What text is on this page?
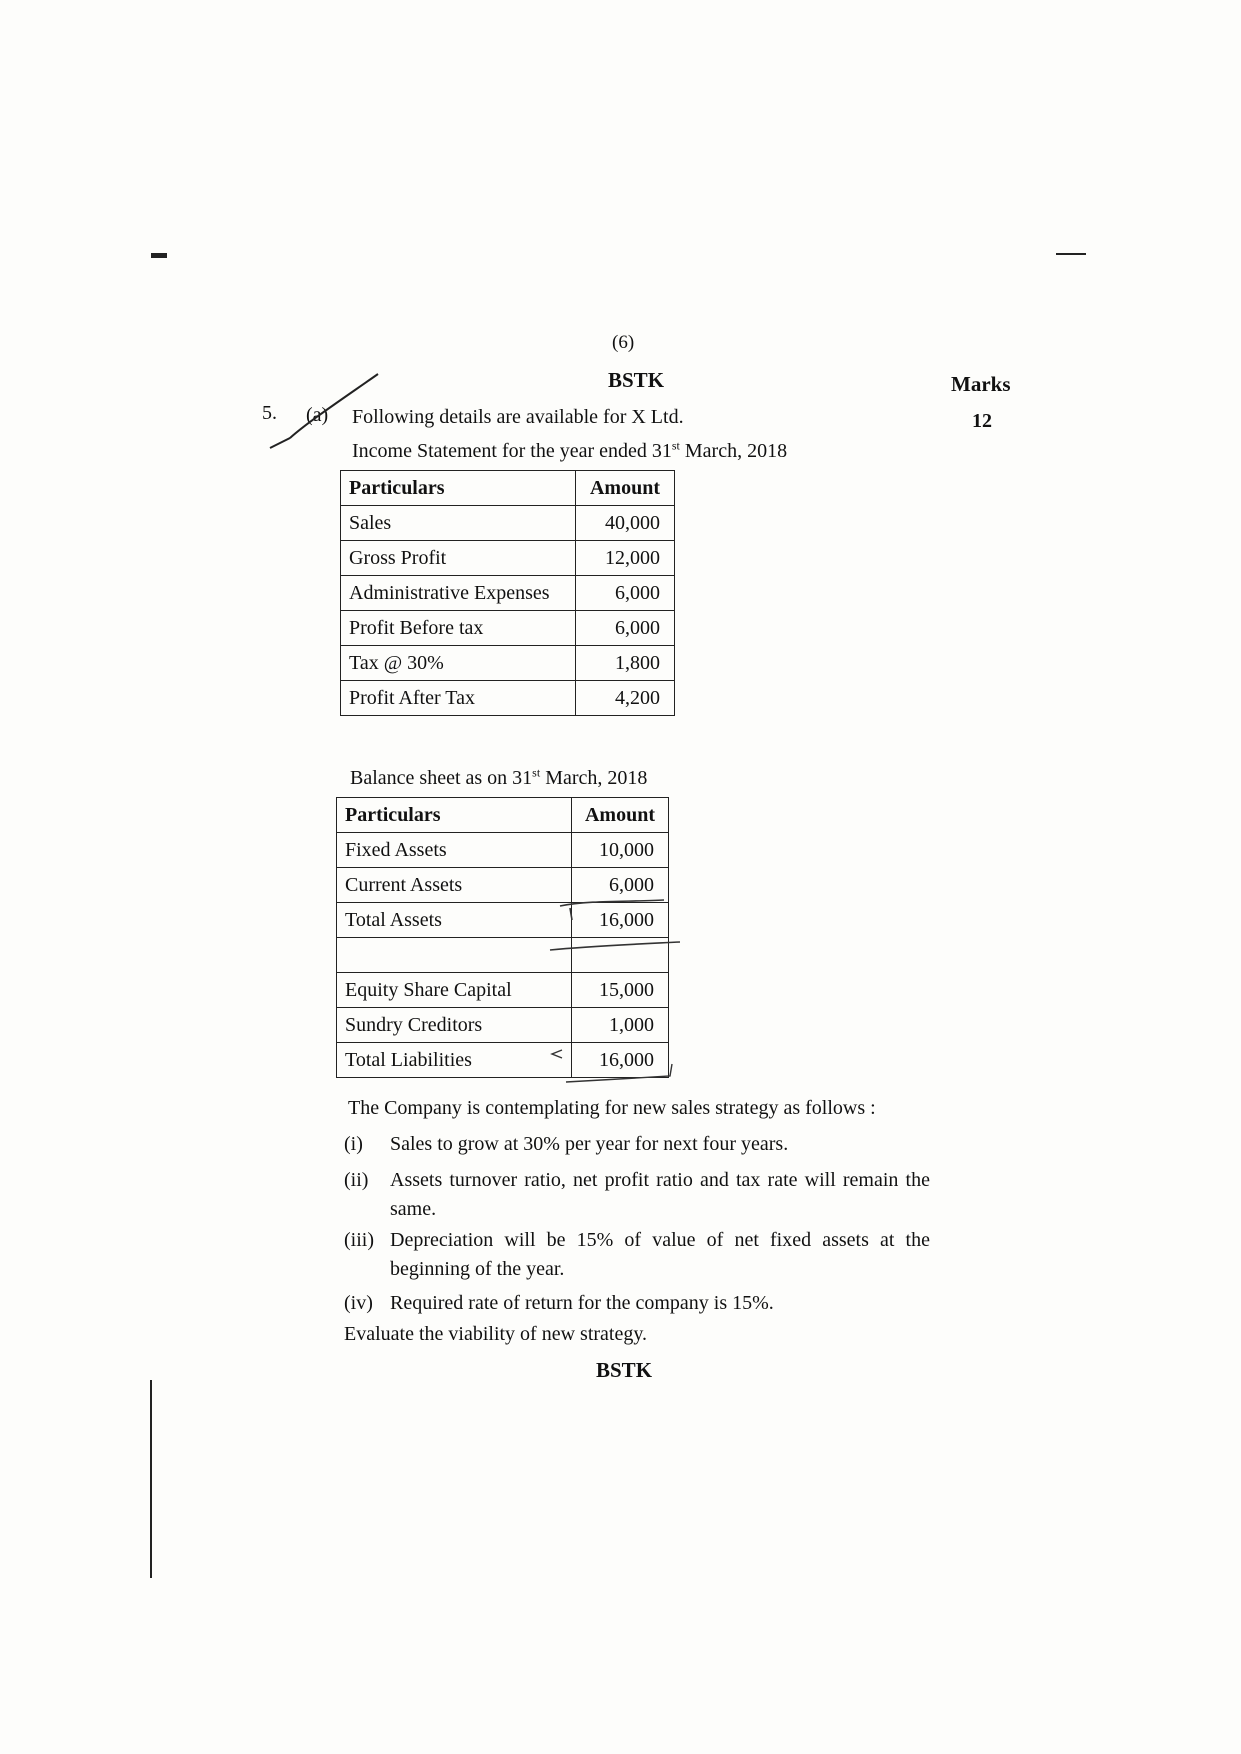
(6)
BSTK	Marks
12
5. (a) Following details are available for X Ltd.
Income Statement for the year ended 31st March, 2018
Particulars	Amount
Sales	40,000
Gross Profit	12,000
Administrative Expenses	6,000
Profit Before tax	6,000
Tax @ 30%	1,800
Profit After Tax	4,200
Balance sheet as on 31st March, 2018
Particulars	Amount
Fixed Assets	10,000
Current Assets	6,000
Total Assets	16,000

Equity Share Capital	15,000
Sundry Creditors	1,000
Total Liabilities	16,000
The Company is contemplating for new sales strategy as follows :
(i) Sales to grow at 30% per year for next four years.
(ii) Assets turnover ratio, net profit ratio and tax rate will remain the same.
(iii) Depreciation will be 15% of value of net fixed assets at the beginning of the year.
(iv) Required rate of return for the company is 15%.
Evaluate the viability of new strategy.
BSTK
